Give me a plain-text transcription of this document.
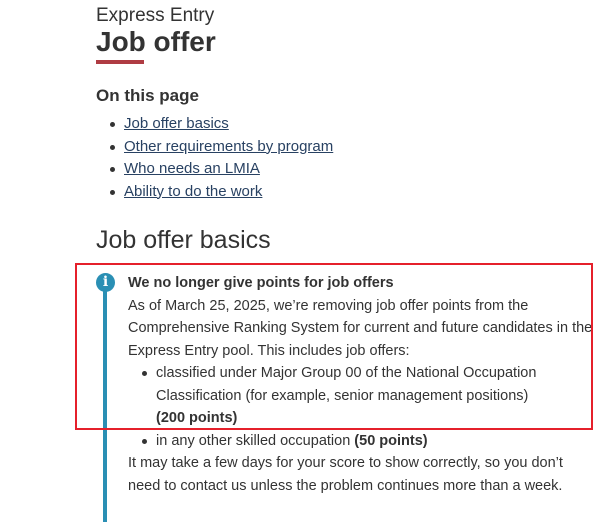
Express Entry
Job offer
On this page
Job offer basics
Other requirements by program
Who needs an LMIA
Ability to do the work
Job offer basics
i	We no longer give points for job offers

As of March 25, 2025, we’re removing job offer points from the Comprehensive Ranking System for current and future candidates in the Express Entry pool. This includes job offers:

classified under Major Group 00 of the National Occupation Classification (for example, senior management positions)
(200 points)
in any other skilled occupation (50 points)

It may take a few days for your score to show correctly, so you don’t need to contact us unless the problem continues more than a week.
